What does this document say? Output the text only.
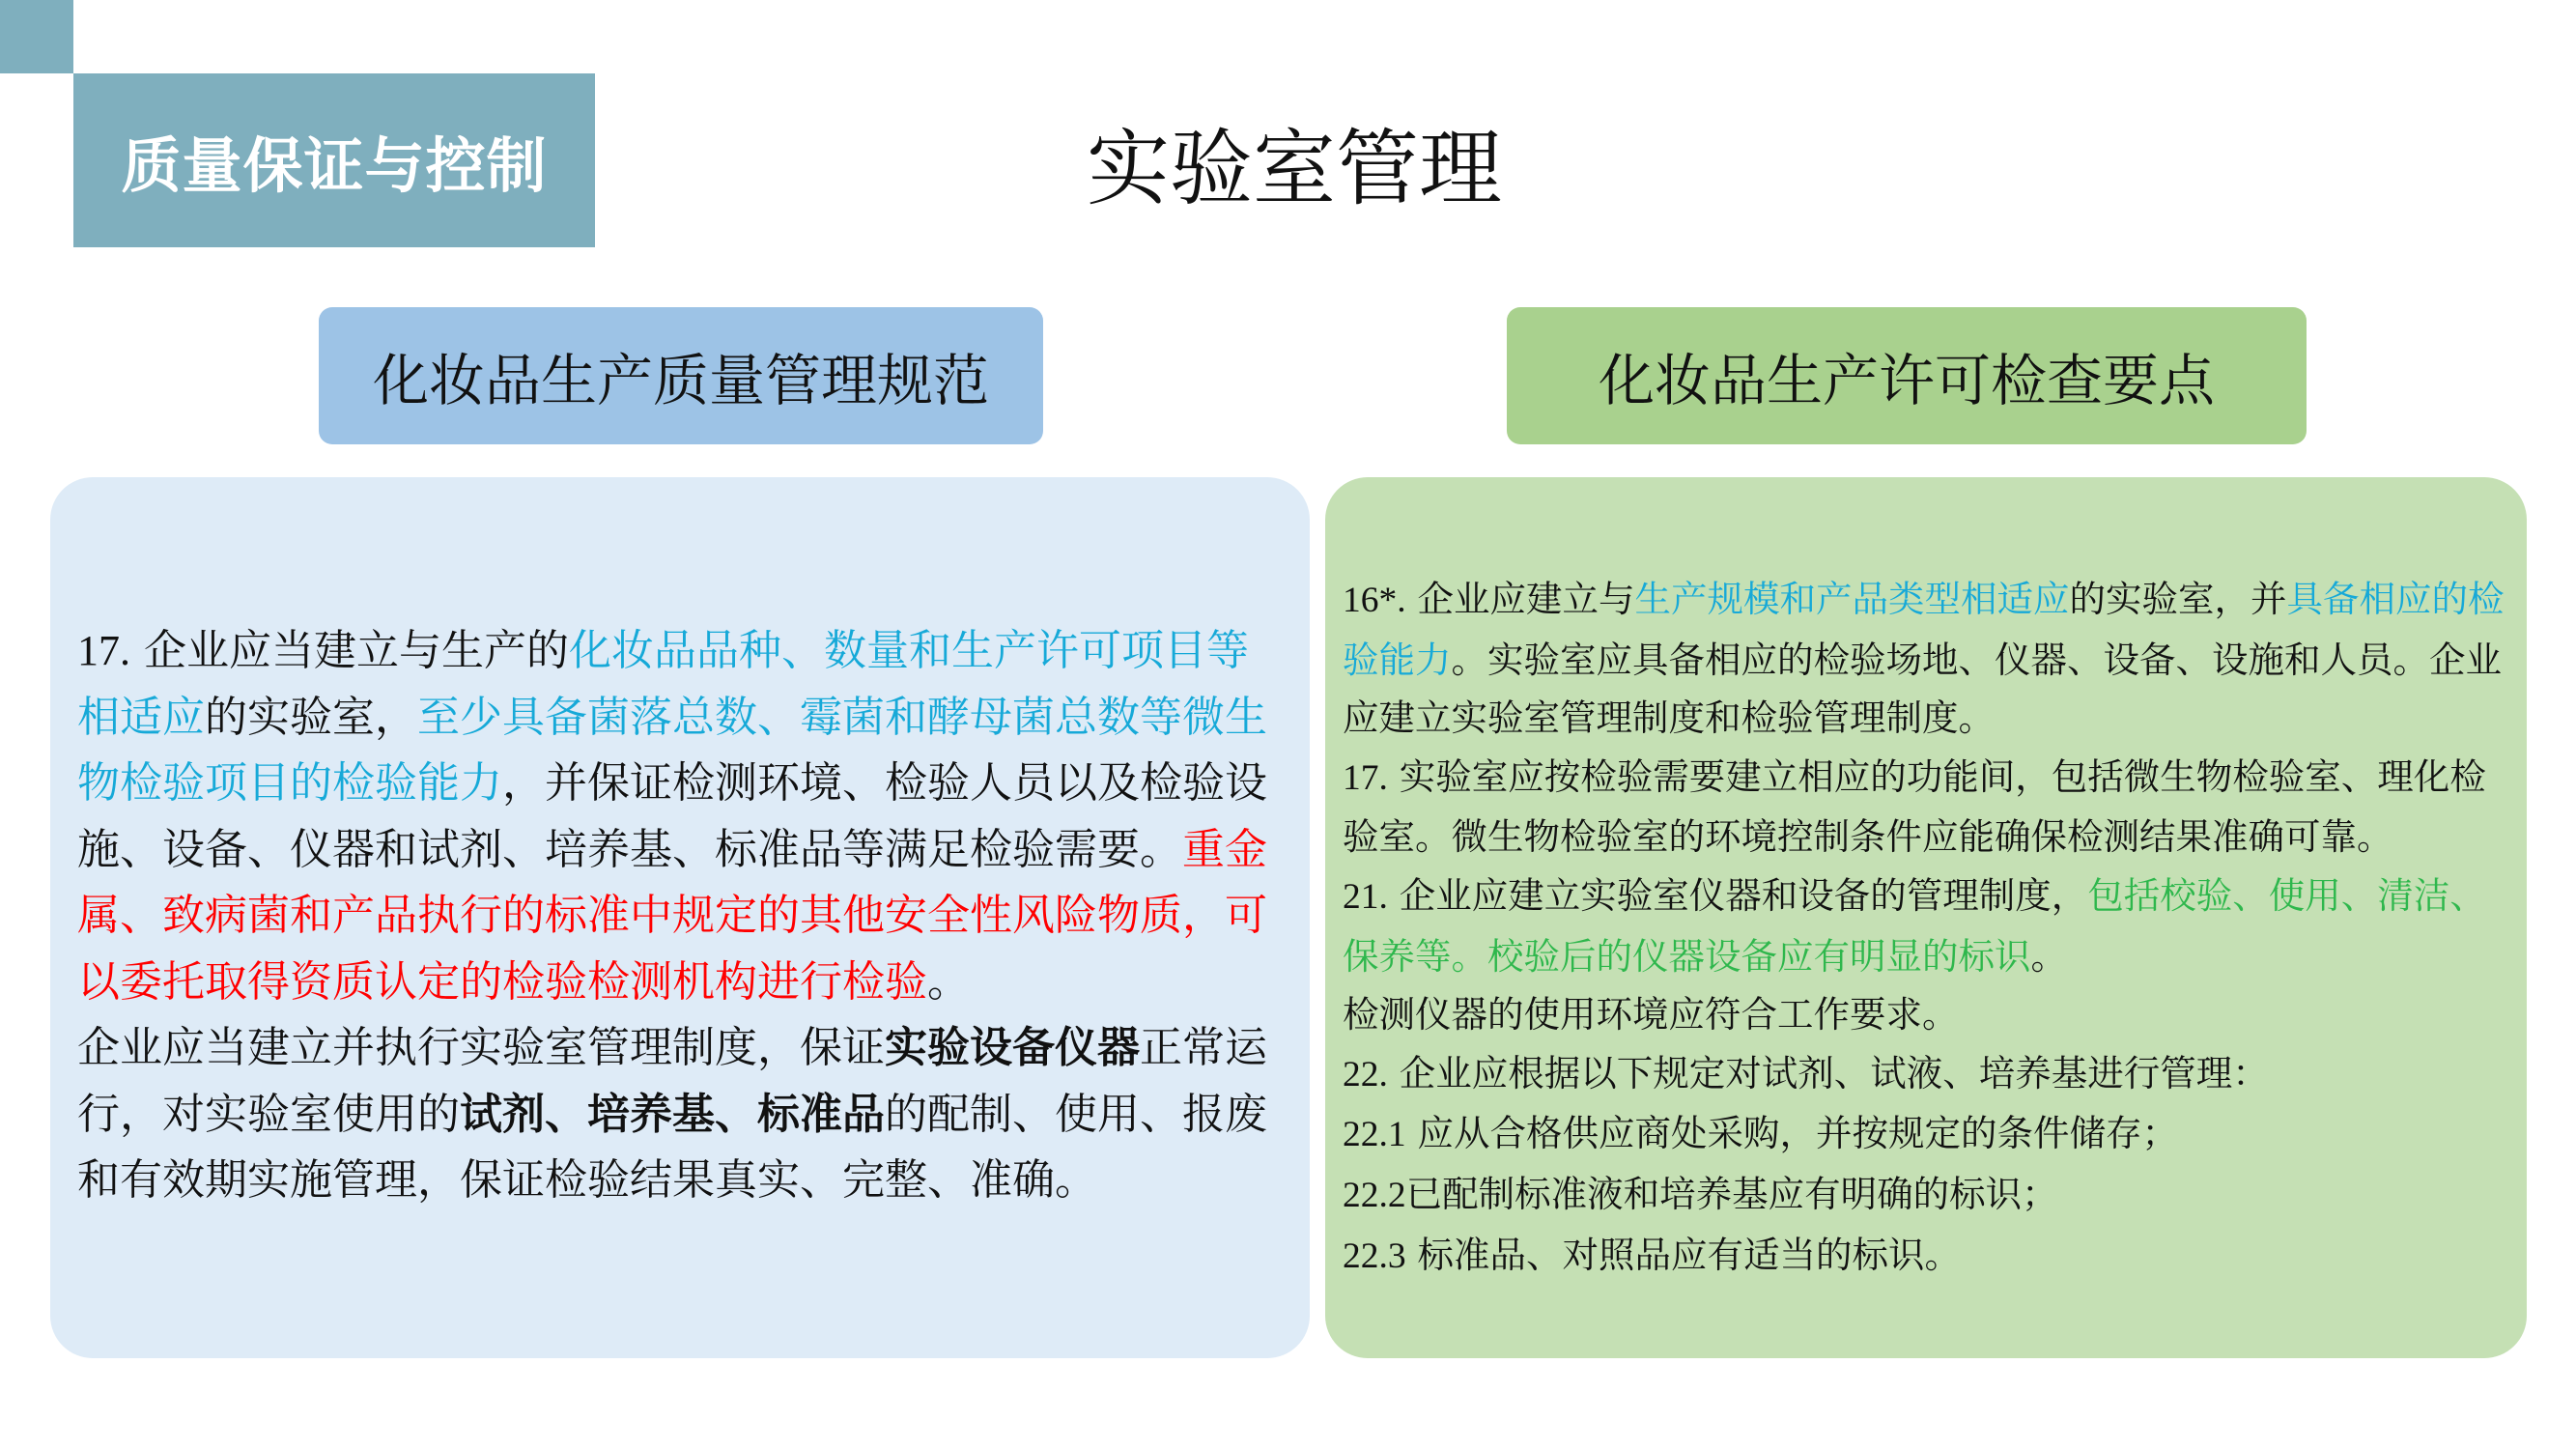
质量保证与控制	实验室管理
化妆品生产质量管理规范	化妆品生产许可检查要点

17. 企业应当建立与生产的化妆品品种、数量和生产许可项目等相适应的实验室，至少具备菌落总数、霉菌和酵母菌总数等微生物检验项目的检验能力，并保证检测环境、检验人员以及检验设施、设备、仪器和试剂、培养基、标准品等满足检验需要。重金属、致病菌和产品执行的标准中规定的其他安全性风险物质，可以委托取得资质认定的检验检测机构进行检验。

企业应当建立并执行实验室管理制度，保证实验设备仪器正常运行，对实验室使用的试剂、培养基、标准品的配制、使用、报废和有效期实施管理，保证检验结果真实、完整、准确。

16*. 企业应建立与生产规模和产品类型相适应的实验室，并具备相应的检验能力。实验室应具备相应的检验场地、仪器、设备、设施和人员。企业应建立实验室管理制度和检验管理制度。

17. 实验室应按检验需要建立相应的功能间，包括微生物检验室、理化检验室。微生物检验室的环境控制条件应能确保检测结果准确可靠。

21. 企业应建立实验室仪器和设备的管理制度，包括校验、使用、清洁、保养等。校验后的仪器设备应有明显的标识。

检测仪器的使用环境应符合工作要求。

22. 企业应根据以下规定对试剂、试液、培养基进行管理：

22.1 应从合格供应商处采购，并按规定的条件储存；

22.2已配制标准液和培养基应有明确的标识；

22.3 标准品、对照品应有适当的标识。
